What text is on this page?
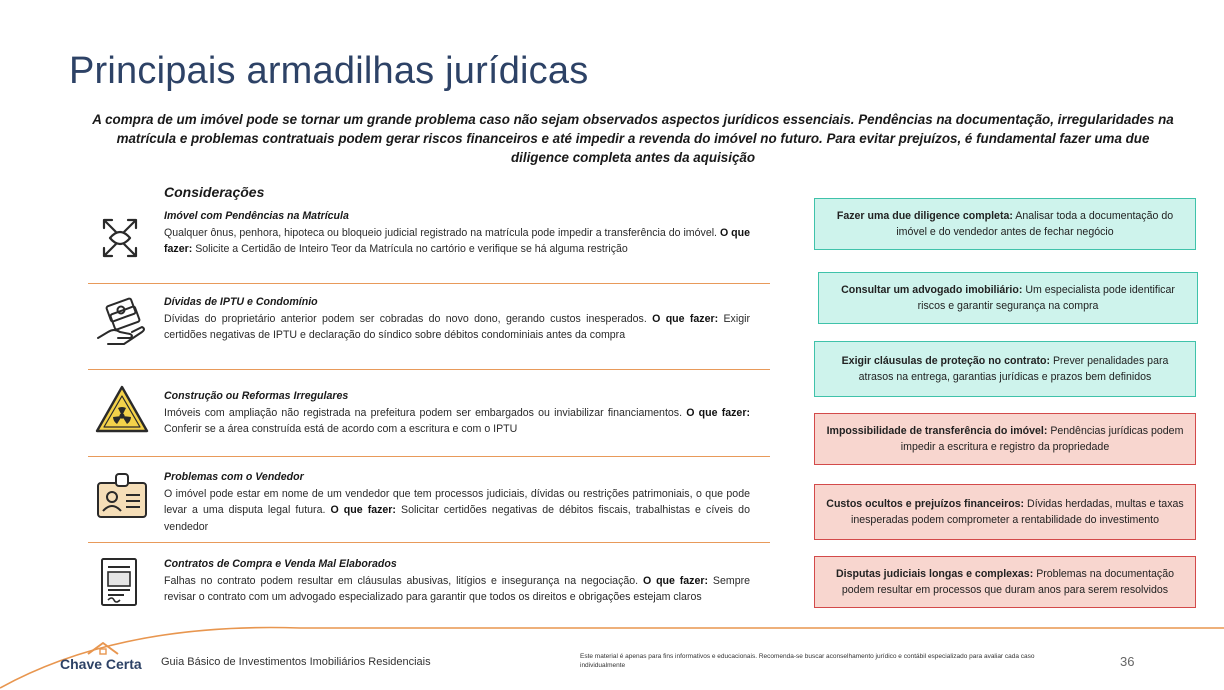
Principais armadilhas jurídicas
A compra de um imóvel pode se tornar um grande problema caso não sejam observados aspectos jurídicos essenciais. Pendências na documentação, irregularidades na matrícula e problemas contratuais podem gerar riscos financeiros e até impedir a revenda do imóvel no futuro. Para evitar prejuízos, é fundamental fazer uma due diligence completa antes da aquisição
Considerações
Imóvel com Pendências na Matrícula
Qualquer ônus, penhora, hipoteca ou bloqueio judicial registrado na matrícula pode impedir a transferência do imóvel. O que fazer: Solicite a Certidão de Inteiro Teor da Matrícula no cartório e verifique se há alguma restrição
Dívidas de IPTU e Condomínio
Dívidas do proprietário anterior podem ser cobradas do novo dono, gerando custos inesperados. O que fazer: Exigir certidões negativas de IPTU e declaração do síndico sobre débitos condominiais antes da compra
Construção ou Reformas Irregulares
Imóveis com ampliação não registrada na prefeitura podem ser embargados ou inviabilizar financiamentos. O que fazer: Conferir se a área construída está de acordo com a escritura e com o IPTU
Problemas com o Vendedor
O imóvel pode estar em nome de um vendedor que tem processos judiciais, dívidas ou restrições patrimoniais, o que pode levar a uma disputa legal futura. O que fazer: Solicitar certidões negativas de débitos fiscais, trabalhistas e cíveis do vendedor
Contratos de Compra e Venda Mal Elaborados
Falhas no contrato podem resultar em cláusulas abusivas, litígios e insegurança na negociação. O que fazer: Sempre revisar o contrato com um advogado especializado para garantir que todos os direitos e obrigações estejam claros
Fazer uma due diligence completa: Analisar toda a documentação do imóvel e do vendedor antes de fechar negócio
Consultar um advogado imobiliário: Um especialista pode identificar riscos e garantir segurança na compra
Exigir cláusulas de proteção no contrato: Prever penalidades para atrasos na entrega, garantias jurídicas e prazos bem definidos
Impossibilidade de transferência do imóvel: Pendências jurídicas podem impedir a escritura e registro da propriedade
Custos ocultos e prejuízos financeiros: Dívidas herdadas, multas e taxas inesperadas podem comprometer a rentabilidade do investimento
Disputas judiciais longas e complexas: Problemas na documentação podem resultar em processos que duram anos para serem resolvidos
Chave Certa Guia Básico de Investimentos Imobiliários Residenciais	Este material é apenas para fins informativos e educacionais. Recomenda-se buscar aconselhamento jurídico e contábil especializado para avaliar cada caso individualmente	36
